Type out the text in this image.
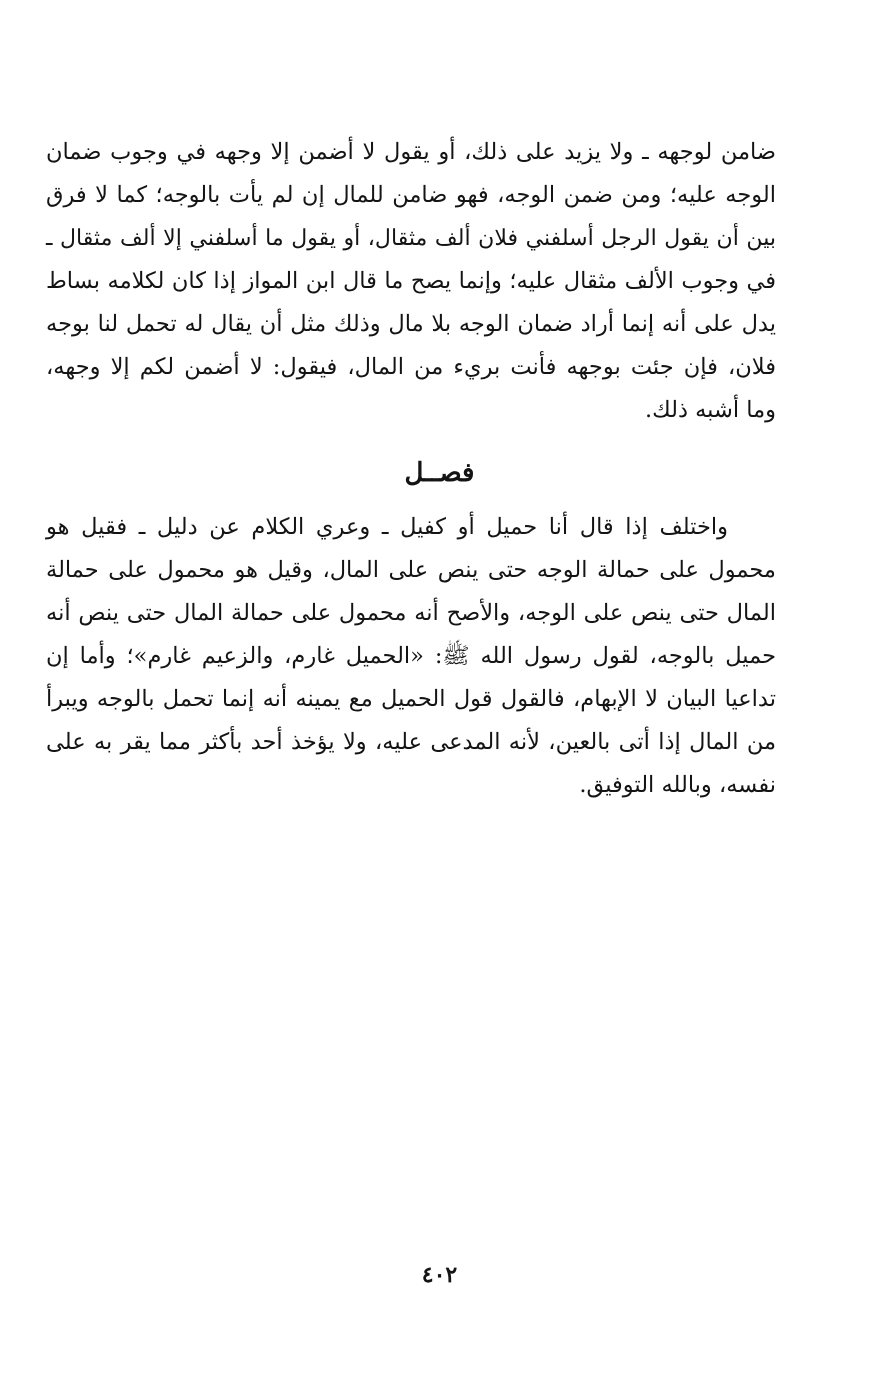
ضامن لوجهه ـ ولا يزيد على ذلك، أو يقول لا أضمن إلا وجهه في وجوب ضمان
الوجه عليه؛ ومن ضمن الوجه، فهو ضامن للمال إن لم يأت بالوجه؛ كما لا فرق
بين أن يقول الرجل أسلفني فلان ألف مثقال، أو يقول ما أسلفني إلا ألف مثقال ـ
في وجوب الألف مثقال عليه؛ وإنما يصح ما قال ابن المواز إذا كان لكلامه بساط
يدل على أنه إنما أراد ضمان الوجه بلا مال وذلك مثل أن يقال له تحمل لنا بوجه
فلان، فإن جئت بوجهه فأنت بريء من المال، فيقول: لا أضمن لكم إلا وجهه،
وما أشبه ذلك.
فصــل
واختلف إذا قال أنا حميل أو كفيل ـ وعري الكلام عن دليل ـ فقيل هو
محمول على حمالة الوجه حتى ينص على المال، وقيل هو محمول على حمالة
المال حتى ينص على الوجه، والأصح أنه محمول على حمالة المال حتى ينص أنه
حميل بالوجه، لقول رسول الله ﷺ: «الحميل غارم، والزعيم غارم»؛ وأما إن
تداعيا البيان لا الإبهام، فالقول قول الحميل مع يمينه أنه إنما تحمل بالوجه ويبرأ
من المال إذا أتى بالعين، لأنه المدعى عليه، ولا يؤخذ أحد بأكثر مما يقر به على
نفسه، وبالله التوفيق.
٤٠٢
